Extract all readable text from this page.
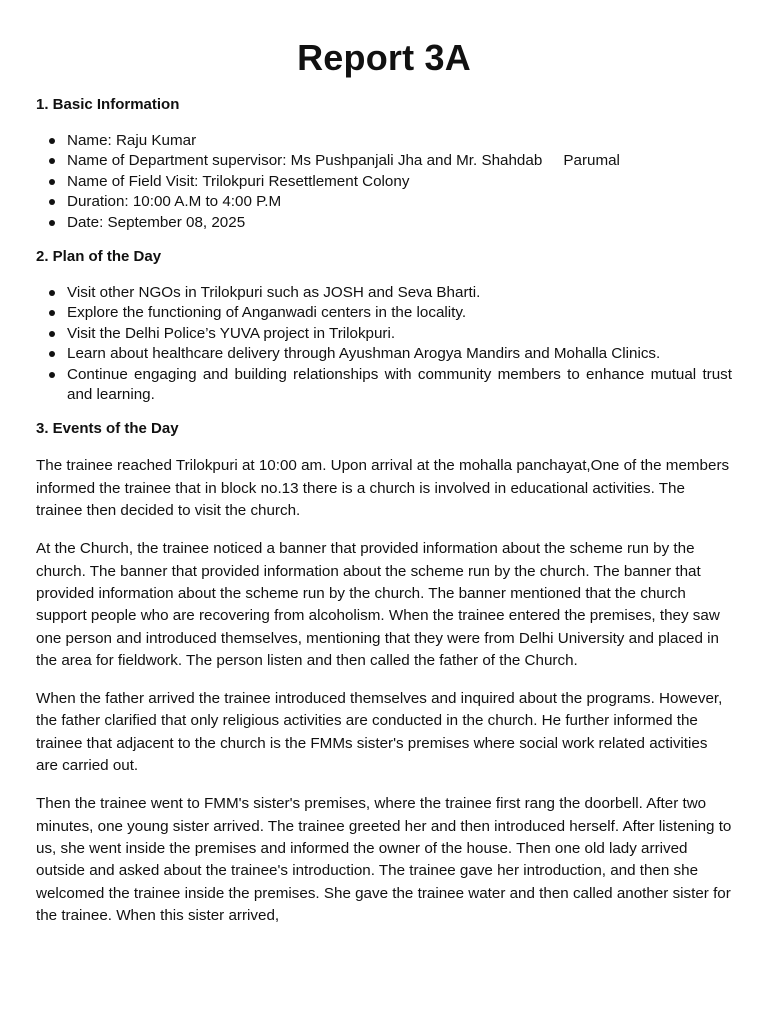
Report 3A
1. Basic Information
Name: Raju Kumar
Name of Department supervisor: Ms Pushpanjali Jha and Mr. Shahdab     Parumal
Name of Field Visit: Trilokpuri Resettlement Colony
Duration: 10:00 A.M to 4:00 P.M
Date: September 08, 2025
2. Plan of the Day
Visit other NGOs in Trilokpuri such as JOSH and Seva Bharti.
Explore the functioning of Anganwadi centers in the locality.
Visit the Delhi Police’s YUVA project in Trilokpuri.
Learn about healthcare delivery through Ayushman Arogya Mandirs and Mohalla Clinics.
Continue engaging and building relationships with community members to enhance mutual trust and learning.
3. Events of the Day

The trainee reached Trilokpuri at 10:00 am. Upon arrival at the mohalla panchayat,One of the members informed the trainee that in block no.13 there is a church is involved in educational activities. The trainee then decided to visit the church.

At the Church, the trainee noticed a banner that provided information about the scheme run by the church. The banner that provided information about the scheme run by the church. The banner that provided information about the scheme run by the church. The banner mentioned that the church support people who are recovering from alcoholism. When the trainee entered the premises, they saw one person and introduced themselves, mentioning that they were from Delhi University and placed in the area for fieldwork. The person listen and then called the father of the Church.

When the father arrived the trainee introduced themselves and inquired about the programs. However, the father clarified that only religious activities are conducted in the church. He further informed the trainee that adjacent to the church is the FMMs sister's premises where social work related activities are carried out.

Then the trainee went to FMM's sister's premises, where the trainee first rang the doorbell. After two minutes, one young sister arrived. The trainee greeted her and then introduced herself. After listening to us, she went inside the premises and informed the owner of the house. Then one old lady arrived outside and asked about the trainee's introduction. The trainee gave her introduction, and then she welcomed the trainee inside the premises. She gave the trainee water and then called another sister for the trainee. When this sister arrived,
